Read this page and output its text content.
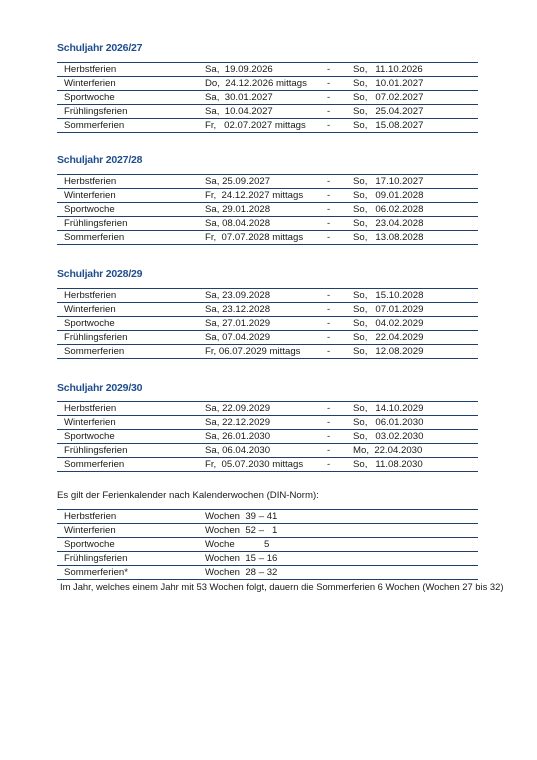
Schuljahr 2026/27
Herbstferien	Sa,  19.09.2026	-	So,   11.10.2026
Winterferien	Do,  24.12.2026 mittags	-	So,   10.01.2027
Sportwoche	Sa,  30.01.2027	-	So,   07.02.2027
Frühlingsferien	Sa,  10.04.2027	-	So,   25.04.2027
Sommerferien	Fr,   02.07.2027 mittags	-	So,   15.08.2027
Schuljahr 2027/28
Herbstferien	Sa, 25.09.2027	-	So,   17.10.2027
Winterferien	Fr,  24.12.2027 mittags	-	So,   09.01.2028
Sportwoche	Sa, 29.01.2028	-	So,   06.02.2028
Frühlingsferien	Sa, 08.04.2028	-	So,   23.04.2028
Sommerferien	Fr,  07.07.2028 mittags	-	So,   13.08.2028
Schuljahr 2028/29
Herbstferien	Sa, 23.09.2028	-	So,   15.10.2028
Winterferien	Sa, 23.12.2028	-	So,   07.01.2029
Sportwoche	Sa, 27.01.2029	-	So,   04.02.2029
Frühlingsferien	Sa, 07.04.2029	-	So,   22.04.2029
Sommerferien	Fr, 06.07.2029 mittags	-	So,   12.08.2029
Schuljahr 2029/30
Herbstferien	Sa, 22.09.2029	-	So,   14.10.2029
Winterferien	Sa, 22.12.2029	-	So,   06.01.2030
Sportwoche	Sa, 26.01.2030	-	So,   03.02.2030
Frühlingsferien	Sa, 06.04.2030	-	Mo,  22.04.2030
Sommerferien	Fr,  05.07.2030 mittags	-	So,   11.08.2030
Es gilt der Ferienkalender nach Kalenderwochen (DIN-Norm):
Herbstferien	Wochen  39 – 41
Winterferien	Wochen  52 –   1
Sportwoche	Woche           5
Frühlingsferien	Wochen  15 – 16
Sommerferien*	Wochen  28 – 32
Im Jahr, welches einem Jahr mit 53 Wochen folgt, dauern die Sommerferien 6 Wochen (Wochen 27 bis 32)
